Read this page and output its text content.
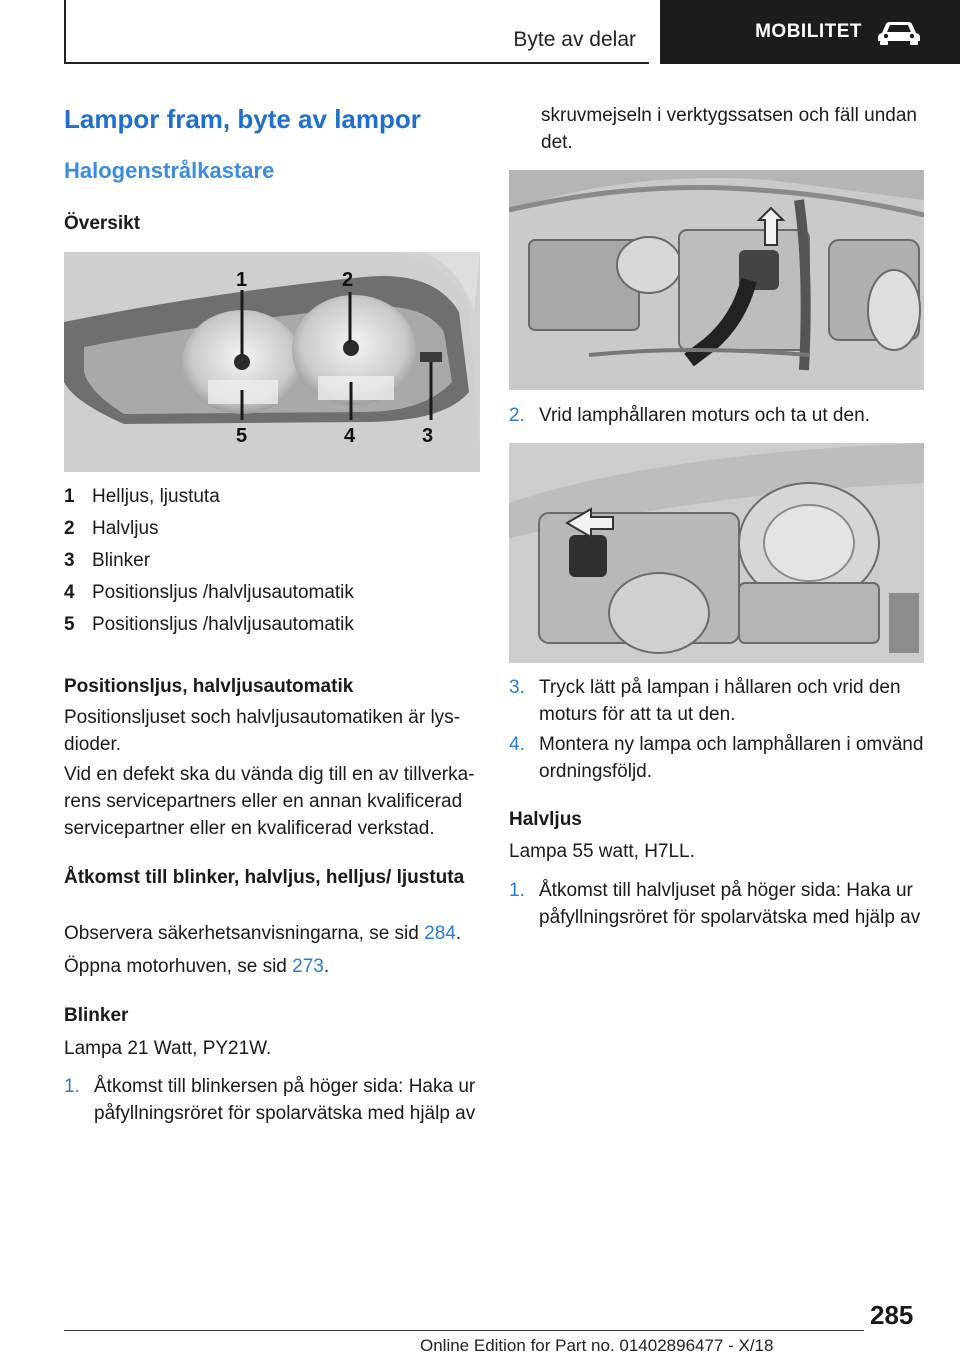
Byte av delar	MOBILITET
Lampor fram, byte av lampor
Halogenstrålkastare
Översikt
1	2
5	4	3
1 Helljus, ljustuta
2 Halvljus
3 Blinker
4 Positionsljus /halvljusautomatik
5 Positionsljus /halvljusautomatik
Positionsljus, halvljusautomatik
Positionsljuset soch halvljusautomatiken är lysdioder.
Vid en defekt ska du vända dig till en av tillverkarens servicepartners eller en annan kvalificerad servicepartner eller en kvalificerad verkstad.
Åtkomst till blinker, halvljus, helljus/ ljustuta
Observera säkerhetsanvisningarna, se sid 284.
Öppna motorhuven, se sid 273.
Blinker
Lampa 21 Watt, PY21W.
1. Åtkomst till blinkersen på höger sida: Haka ur påfyllningsröret för spolarvätska med hjälp av
skruvmejseln i verktygssatsen och fäll undan det.
2. Vrid lamphållaren moturs och ta ut den.
3. Tryck lätt på lampan i hållaren och vrid den moturs för att ta ut den.
4. Montera ny lampa och lamphållaren i omvänd ordningsföljd.
Halvljus
Lampa 55 watt, H7LL.
1. Åtkomst till halvljuset på höger sida: Haka ur påfyllningsröret för spolarvätska med hjälp av
285
Online Edition for Part no. 01402896477 - X/18
